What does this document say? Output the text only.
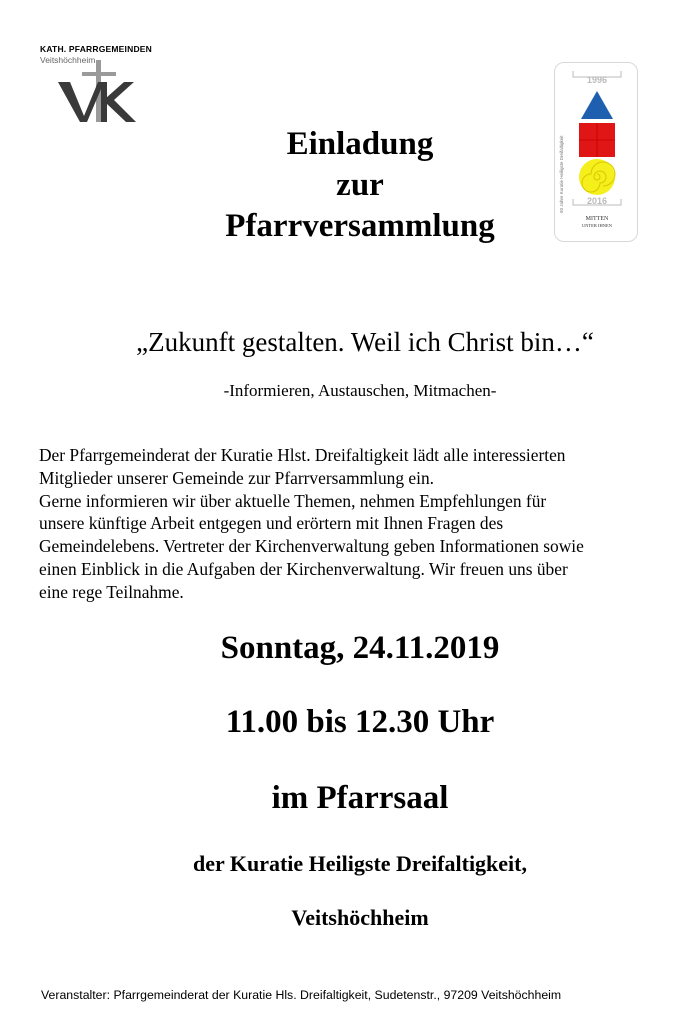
KATH. PFARRGEMEINDEN
Veitshöchheim
Einladung
zur
Pfarrversammlung
50 Jahre Kuratie Heiligste Dreifaltigkeit
1996
2016
MITTEN
UNTER IHNEN
„Zukunft gestalten. Weil ich Christ bin…“
-Informieren, Austauschen, Mitmachen-

Der Pfarrgemeinderat der Kuratie Hlst. Dreifaltigkeit lädt alle interessierten

Mitglieder unserer Gemeinde zur Pfarrversammlung ein.

Gerne informieren wir über aktuelle Themen, nehmen Empfehlungen für

unsere künftige Arbeit entgegen und erörtern mit Ihnen Fragen des

Gemeindelebens. Vertreter der Kirchenverwaltung geben Informationen sowie

einen Einblick in die Aufgaben der Kirchenverwaltung. Wir freuen uns über

eine rege Teilnahme.

Sonntag, 24.11.2019
11.00 bis 12.30 Uhr
im Pfarrsaal
der Kuratie Heiligste Dreifaltigkeit,
Veitshöchheim
Veranstalter: Pfarrgemeinderat der Kuratie Hls. Dreifaltigkeit, Sudetenstr., 97209 Veitshöchheim
